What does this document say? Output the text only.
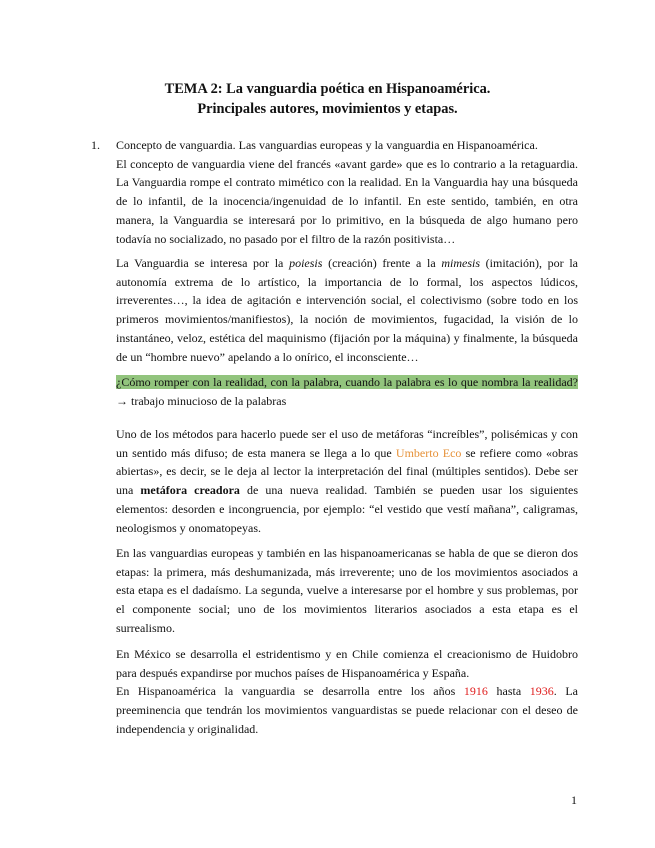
TEMA 2: La vanguardia poética en Hispanoamérica.
Principales autores, movimientos y etapas.
1. Concepto de vanguardia. Las vanguardias europeas y la vanguardia en Hispanoamérica.
El concepto de vanguardia viene del francés «avant garde» que es lo contrario a la retaguardia. La Vanguardia rompe el contrato mimético con la realidad. En la Vanguardia hay una búsqueda de lo infantil, de la inocencia/ingenuidad de lo infantil. En este sentido, también, en otra manera, la Vanguardia se interesará por lo primitivo, en la búsqueda de algo humano pero todavía no socializado, no pasado por el filtro de la razón positivista…
La Vanguardia se interesa por la poiesis (creación) frente a la mimesis (imitación), por la autonomía extrema de lo artístico, la importancia de lo formal, los aspectos lúdicos, irreverentes…, la idea de agitación e intervención social, el colectivismo (sobre todo en los primeros movimientos/manifiestos), la noción de movimientos, fugacidad, la visión de lo instantáneo, veloz, estética del maquinismo (fijación por la máquina) y finalmente, la búsqueda de un “hombre nuevo” apelando a lo onírico, el inconsciente…
¿Cómo romper con la realidad, con la palabra, cuando la palabra es lo que nombra la realidad? → trabajo minucioso de la palabras
Uno de los métodos para hacerlo puede ser el uso de metáforas “increíbles”, polisémicas y con un sentido más difuso; de esta manera se llega a lo que Umberto Eco se refiere como «obras abiertas», es decir, se le deja al lector la interpretación del final (múltiples sentidos). Debe ser una metáfora creadora de una nueva realidad. También se pueden usar los siguientes elementos: desorden e incongruencia, por ejemplo: “el vestido que vestí mañana”, caligramas, neologismos y onomatopeyas.
En las vanguardias europeas y también en las hispanoamericanas se habla de que se dieron dos etapas: la primera, más deshumanizada, más irreverente; uno de los movimientos asociados a esta etapa es el dadaísmo. La segunda, vuelve a interesarse por el hombre y sus problemas, por el componente social; uno de los movimientos literarios asociados a esta etapa es el surrealismo.
En México se desarrolla el estridentismo y en Chile comienza el creacionismo de Huidobro para después expandirse por muchos países de Hispanoamérica y España.
En Hispanoamérica la vanguardia se desarrolla entre los años 1916 hasta 1936. La preeminencia que tendrán los movimientos vanguardistas se puede relacionar con el deseo de independencia y originalidad.
1
